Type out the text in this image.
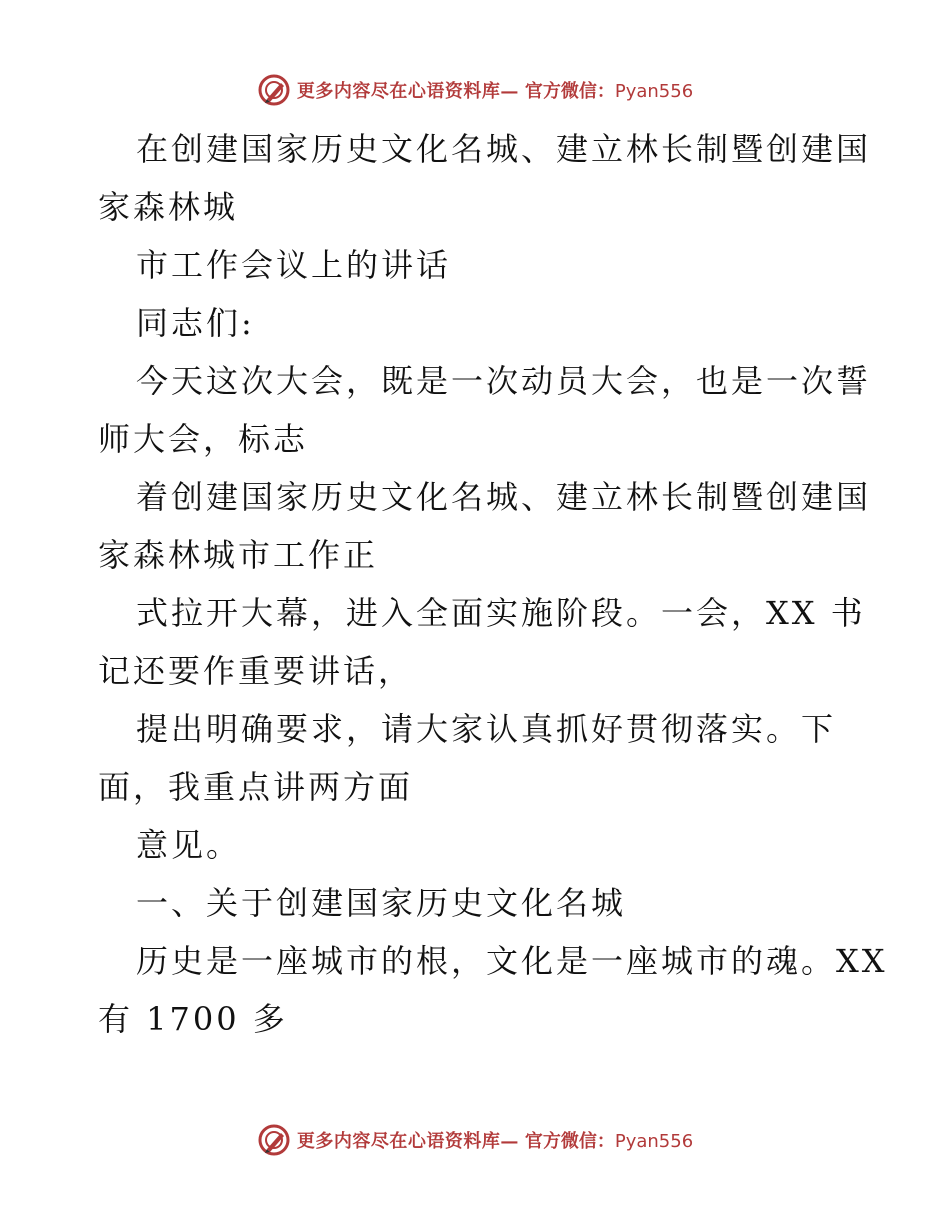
更多内容尽在心语资料库— 官方微信：Pyan556
在创建国家历史文化名城、建立林长制暨创建国
家森林城
市工作会议上的讲话
同志们:
今天这次大会，既是一次动员大会，也是一次誓
师大会，标志
着创建国家历史文化名城、建立林长制暨创建国
家森林城市工作正
式拉开大幕，进入全面实施阶段。一会，XX 书
记还要作重要讲话，
提出明确要求，请大家认真抓好贯彻落实。下
面，我重点讲两方面
意见。
一、关于创建国家历史文化名城
历史是一座城市的根，文化是一座城市的魂。XX
有 1700 多
更多内容尽在心语资料库— 官方微信：Pyan556
